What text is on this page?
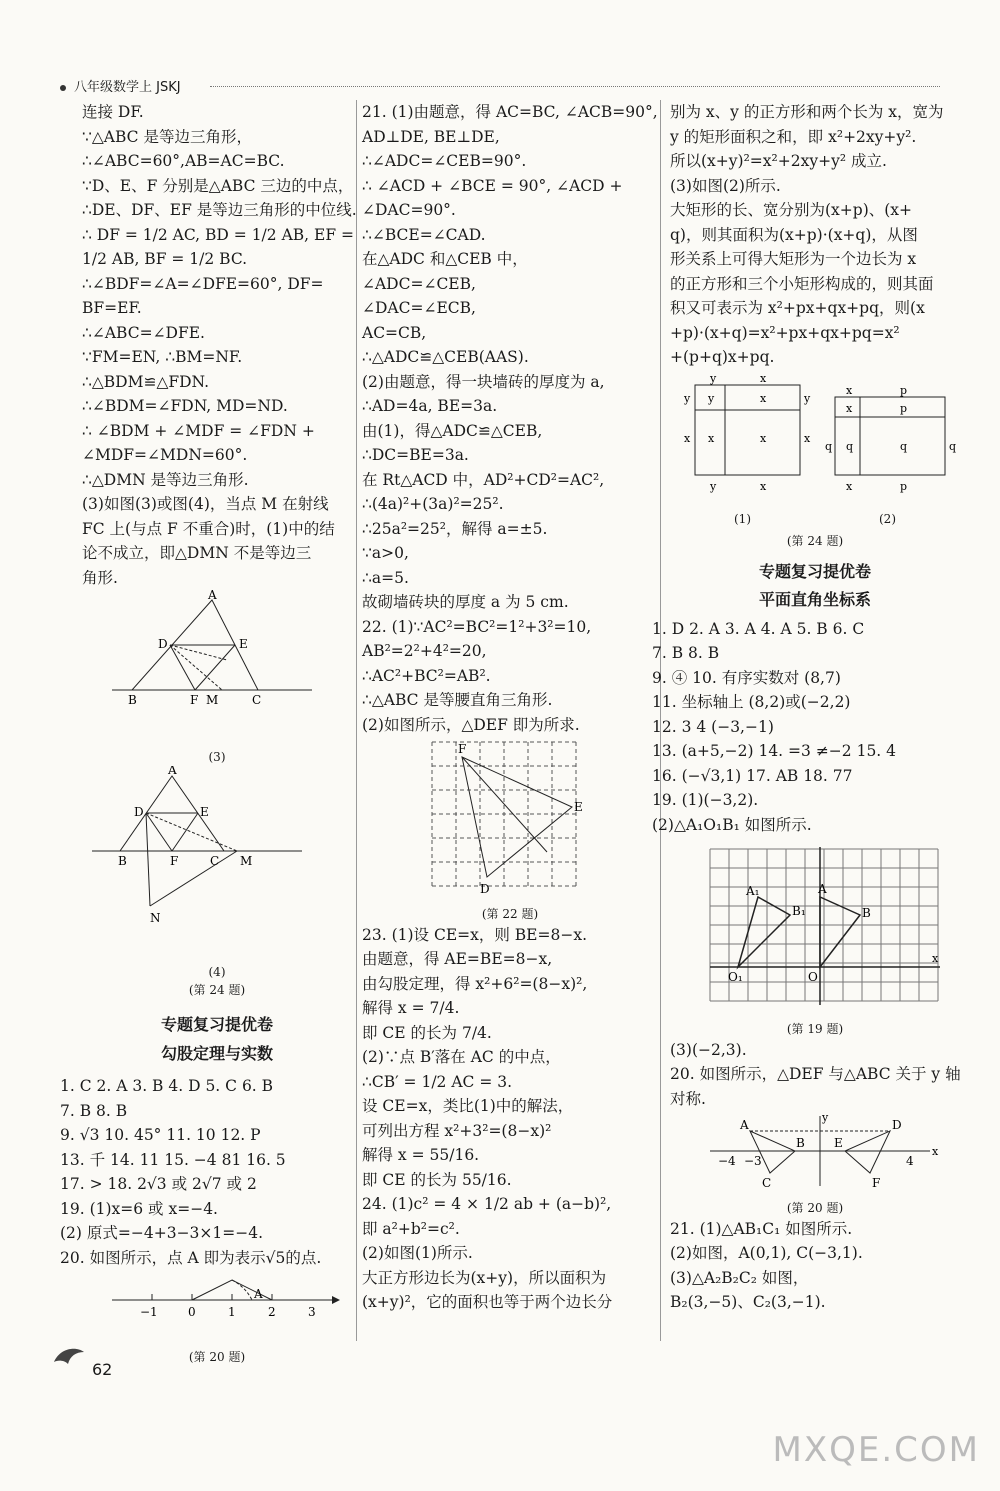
八年级数学上 JSKJ
连接 DF.
∵△ABC 是等边三角形，
∴∠ABC=60°,AB=AC=BC.
∵D、E、F 分别是△ABC 三边的中点，
∴DE、DF、EF 是等边三角形的中位线.
∴ DF = 1/2 AC, BD = 1/2 AB, EF =
1/2 AB, BF = 1/2 BC.
∴∠BDF=∠A=∠DFE=60°, DF=
BF=EF.
∴∠ABC=∠DFE.
∵FM=EN, ∴BM=NF.
∴△BDM≌△FDN.
∴∠BDM=∠FDN, MD=ND.
∴ ∠BDM + ∠MDF = ∠FDN +
∠MDF=∠MDN=60°.
∴△DMN 是等边三角形.
(3)如图(3)或图(4)，当点 M 在射线
FC 上(与点 F 不重合)时，(1)中的结
论不成立，即△DMN 不是等边三
角形.
A
D	E
B	F M	C
(3)
A
D	E
B	F	C M
N
(4)
(第 24 题)
专题复习提优卷
勾股定理与实数
1. C 2. A 3. B 4. D 5. C 6. B
7. B 8. B
9. √3 10. 45° 11. 10 12. P
13. 千 14. 11 15. −4 81 16. 5
17. > 18. 2√3 或 2√7 或 2
19. (1)x=6 或 x=−4.
(2) 原式=−4+3−3×1=−4.
20. 如图所示，点 A 即为表示√5的点.
−1	0	1
A
2	3
(第 20 题)
21. (1)由题意，得 AC=BC, ∠ACB=90°,
AD⊥DE, BE⊥DE,
∴∠ADC=∠CEB=90°.
∴ ∠ACD + ∠BCE = 90°, ∠ACD +
∠DAC=90°.
∴∠BCE=∠CAD.
在△ADC 和△CEB 中，
∠ADC=∠CEB,
∠DAC=∠ECB,
AC=CB,
∴△ADC≌△CEB(AAS).
(2)由题意，得一块墙砖的厚度为 a,
∴AD=4a, BE=3a.
由(1)，得△ADC≌△CEB,
∴DC=BE=3a.
在 Rt△ACD 中，AD²+CD²=AC²,
∴(4a)²+(3a)²=25².
∴25a²=25²，解得 a=±5.
∵a>0,
∴a=5.
故砌墙砖块的厚度 a 为 5 cm.
22. (1)∵AC²=BC²=1²+3²=10,
AB²=2²+4²=20,
∴AC²+BC²=AB².
∴△ABC 是等腰直角三角形.
(2)如图所示，△DEF 即为所求.
F
E
D
(第 22 题)
23. (1)设 CE=x，则 BE=8−x.
由题意，得 AE=BE=8−x,
由勾股定理，得 x²+6²=(8−x)²,
解得 x = 7/4.
即 CE 的长为 7/4.
(2)∵点 B′落在 AC 的中点，
∴CB′ = 1/2 AC = 3.
设 CE=x，类比(1)中的解法，
可列出方程 x²+3²=(8−x)²
解得 x = 55/16.
即 CE 的长为 55/16.
24. (1)c² = 4 × 1/2 ab + (a−b)²,
即 a²+b²=c².
(2)如图(1)所示.
大正方形边长为(x+y)，所以面积为
(x+y)²，它的面积也等于两个边长分
别为 x、y 的正方形和两个长为 x，宽为
y 的矩形面积之和，即 x²+2xy+y².
所以(x+y)²=x²+2xy+y² 成立.
(3)如图(2)所示.
大矩形的长、宽分别为(x+p)、(x+
q)，则其面积为(x+p)·(x+q)，从图
形关系上可得大矩形为一个边长为 x
的正方形和三个小矩形构成的，则其面
积又可表示为 x²+px+qx+pq，则(x
+p)·(x+q)=x²+px+qx+pq=x²
+(p+q)x+pq.
y	x
y	x
x	x
y	x
y
x
y
x
x	p
x	p
q	q
x	p
q	q
(1)	(2)
(第 24 题)
专题复习提优卷
平面直角坐标系
1. D 2. A 3. A 4. A 5. B 6. C
7. B 8. B
9. ④ 10. 有序实数对 (8,7)
11. 坐标轴上 (8,2)或(−2,2)
12. 3 4 (−3,−1)
13. (a+5,−2) 14. =3 ≠−2 15. 4
16. (−√3,1) 17. AB 18. 77
19. (1)(−3,2).
(2)△A₁O₁B₁ 如图所示.
O₁
A₁
B₁
O
A
B
x
(第 19 题)
(3)(−2,3).
20. 如图所示，△DEF 与△ABC 关于 y 轴
对称.
A	D
B E
C	F
y
x
−4 −3	4
(第 20 题)
21. (1)△AB₁C₁ 如图所示.
(2)如图，A(0,1), C(−3,1).
(3)△A₂B₂C₂ 如图，
B₂(3,−5)、C₂(3,−1).
62
MXQE.COM
